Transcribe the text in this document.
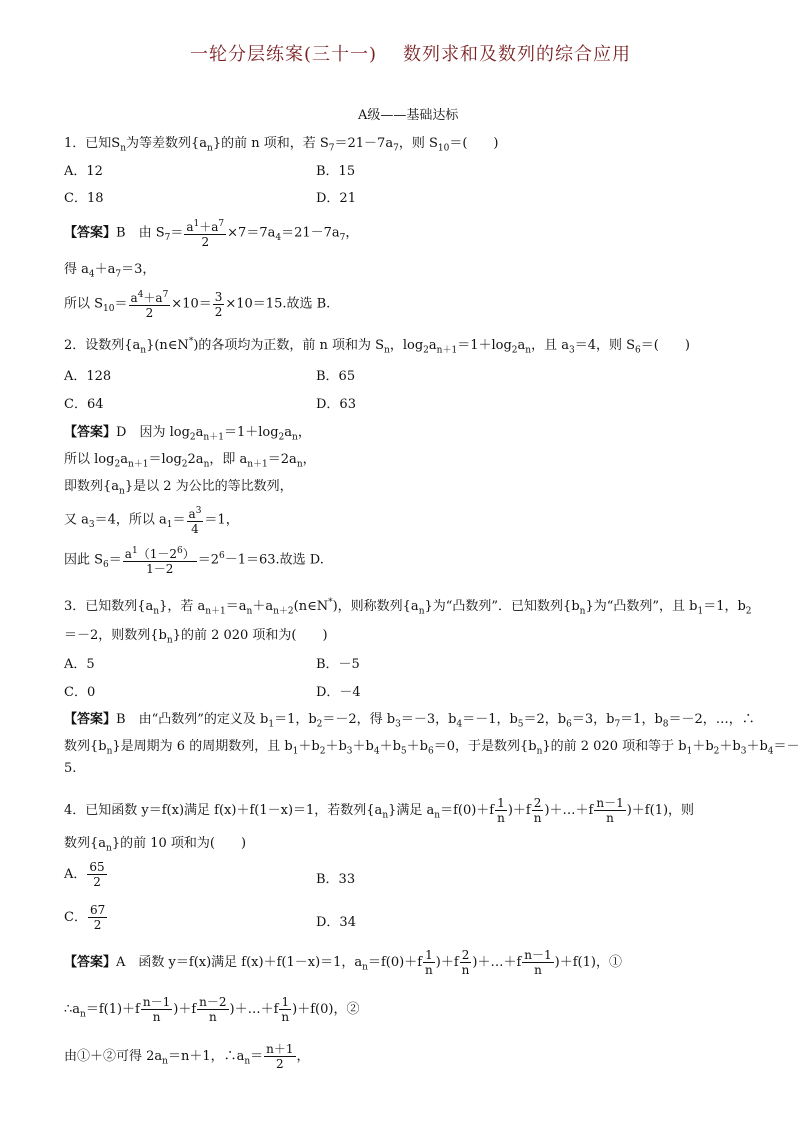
一轮分层练案(三十一) 数列求和及数列的综合应用
A级——基础达标
1．已知$S_n$为等差数列$\{a_n\}$的前 n 项和，若 $S_7=21-7a_7$，则 $S_{10}=$(　　)
A．12	B．15
C．18	D．21
【答案】B　由 $S_7= \frac{a^1+a^7}{2} \times 7=7a_4=21-7a_7$，
得 $a_4+a_7=3$，
所以 $S_{10}= \frac{a^4+a^7}{2} \times 10= \frac{3}{2} \times 10=15$.故选 B.
2．设数列$\{a_n\}(n\in N^*)$的各项均为正数，前 n 项和为 $S_n$，$\log_2a_{n+1}=1+\log_2a_n$，且 $a_3=4$，则 $S_6=$(　　)
A．128	B．65
C．64	D．63
【答案】D　因为 $\log_2a_{n+1}=1+\log_2a_n$，
所以 $\log_2a_{n+1}=\log_22a_n$，即 $a_{n+1}=2a_n$，
即数列$\{a_n\}$是以 2 为公比的等比数列，
又 $a_3=4$，所以 $a_1= \frac{a^3}{4} =1$，
因此 $S_6= \frac{a^1(1-2^6)}{1-2} =2^6-1=63$.故选 D.
3．已知数列$\{a_n\}$，若 $a_{n+1}=a_n+a_{n+2}(n\in N^*)$，则称数列$\{a_n\}$为“凸数列”．已知数列$\{b_n\}$为“凸数列”，且 $b_1=1$，$b_2$
＝－2，则数列$\{b_n\}$的前 2 020 项和为(　　)
A．5	B．－5
C．0	D．－4
【答案】B　由“凸数列”的定义及 $b_1=1$，$b_2=-2$，得 $b_3=-3$，$b_4=-1$，$b_5=2$，$b_6=3$，$b_7=1$，$b_8=-2$，…，∴
数列$\{b_n\}$是周期为 6 的周期数列，且 $b_1+b_2+b_3+b_4+b_5+b_6=0$，于是数列$\{b_n\}$的前 2 020 项和等于 $b_1+b_2+b_3+b_4=-$
5.
4．已知函数 y＝f(x)满足 f(x)＋f(1－x)＝1，若数列$\{a_n\}$满足 $a_n=f(0)+f \frac{1}{n} )+f \frac{2}{n}$ )＋…＋f $\frac{n-1}{n} )+f(1)$，则
数列$\{a_n\}$的前 10 项和为(　　)
A． $\frac{65}{2}$	B．33
C． $\frac{67}{2}$	D．34
【答案】A　函数 y＝f(x)满足 f(x)＋f(1－x)＝1，$a_n=f(0)+f \frac{1}{n} )+f \frac{2}{n}$ )＋…＋f $\frac{n-1}{n} )+f(1)$，①
$\therefore a_n=f(1)+f \frac{n-1}{n} )+f \frac{n-2}{n}$ )＋…＋f $\frac{1}{n} )+f(0)$，②
由①＋②可得 $2a_n=n+1$，$\therefore a_n= \frac{n+1}{2}$ ，
